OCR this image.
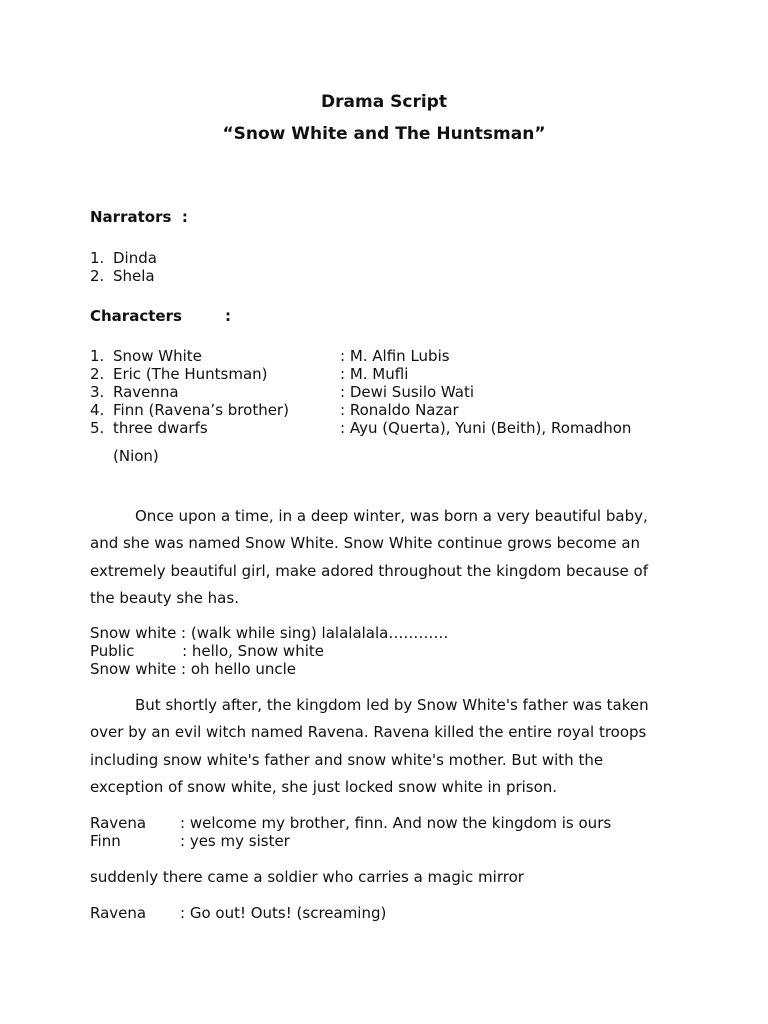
Drama Script
“Snow White and The Huntsman”
Narrators  :
1. Dinda
2. Shela
Characters	:
1. Snow White	: M. Alfin Lubis
2. Eric (The Huntsman)	: M. Mufli
3. Ravenna	: Dewi Susilo Wati
4. Finn (Ravena’s brother)	: Ronaldo Nazar
5. three dwarfs	: Ayu (Querta), Yuni (Beith), Romadhon
(Nion)

Once upon a time, in a deep winter, was born a very beautiful baby, and she was named Snow White. Snow White continue grows become an extremely beautiful girl, make adored throughout the kingdom because of the beauty she has.

Snow white : (walk while sing) lalalalala…………
Public          : hello, Snow white
Snow white : oh hello uncle

But shortly after, the kingdom led by Snow White's father was taken over by an evil witch named Ravena. Ravena killed the entire royal troops including snow white's father and snow white's mother. But with the exception of snow white, she just locked snow white in prison.

Ravena : welcome my brother, finn. And now the kingdom is ours
Finn	: yes my sister

suddenly there came a soldier who carries a magic mirror

Ravena : Go out! Outs! (screaming)
